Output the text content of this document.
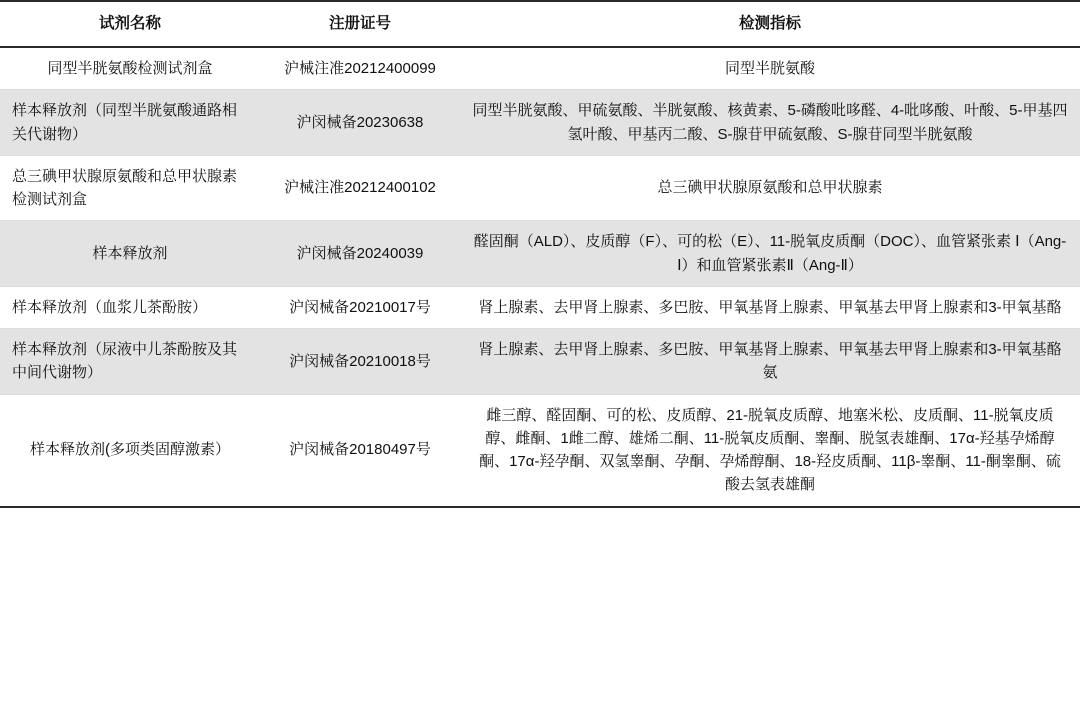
试剂名称	注册证号	检测指标
同型半胱氨酸检测试剂盒	沪械注准20212400099	同型半胱氨酸
样本释放剂（同型半胱氨酸通路相关代谢物）	沪闵械备20230638	同型半胱氨酸、甲硫氨酸、半胱氨酸、核黄素、5-磷酸吡哆醛、4-吡哆酸、叶酸、5-甲基四氢叶酸、甲基丙二酸、S-腺苷甲硫氨酸、S-腺苷同型半胱氨酸
总三碘甲状腺原氨酸和总甲状腺素检测试剂盒	沪械注准20212400102	总三碘甲状腺原氨酸和总甲状腺素
样本释放剂	沪闵械备20240039	醛固酮（ALD）、皮质醇（F）、可的松（E）、11-脱氧皮质酮（DOC）、血管紧张素 Ⅰ（Ang-Ⅰ）和血管紧张素Ⅱ（Ang-Ⅱ）
样本释放剂（血浆儿茶酚胺）	沪闵械备20210017号	肾上腺素、去甲肾上腺素、多巴胺、甲氧基肾上腺素、甲氧基去甲肾上腺素和3-甲氧基酪
样本释放剂（尿液中儿茶酚胺及其中间代谢物）	沪闵械备20210018号	肾上腺素、去甲肾上腺素、多巴胺、甲氧基肾上腺素、甲氧基去甲肾上腺素和3-甲氧基酪氨
样本释放剂(多项类固醇激素）	沪闵械备20180497号	雌三醇、醛固酮、可的松、皮质醇、21-脱氧皮质醇、地塞米松、皮质酮、11-脱氧皮质醇、雌酮、1雌二醇、雄烯二酮、11-脱氧皮质酮、睾酮、脱氢表雄酮、17α-羟基孕烯醇酮、17α-羟孕酮、双氢睾酮、孕酮、孕烯醇酮、18-羟皮质酮、11β-睾酮、11-酮睾酮、硫酸去氢表雄酮
